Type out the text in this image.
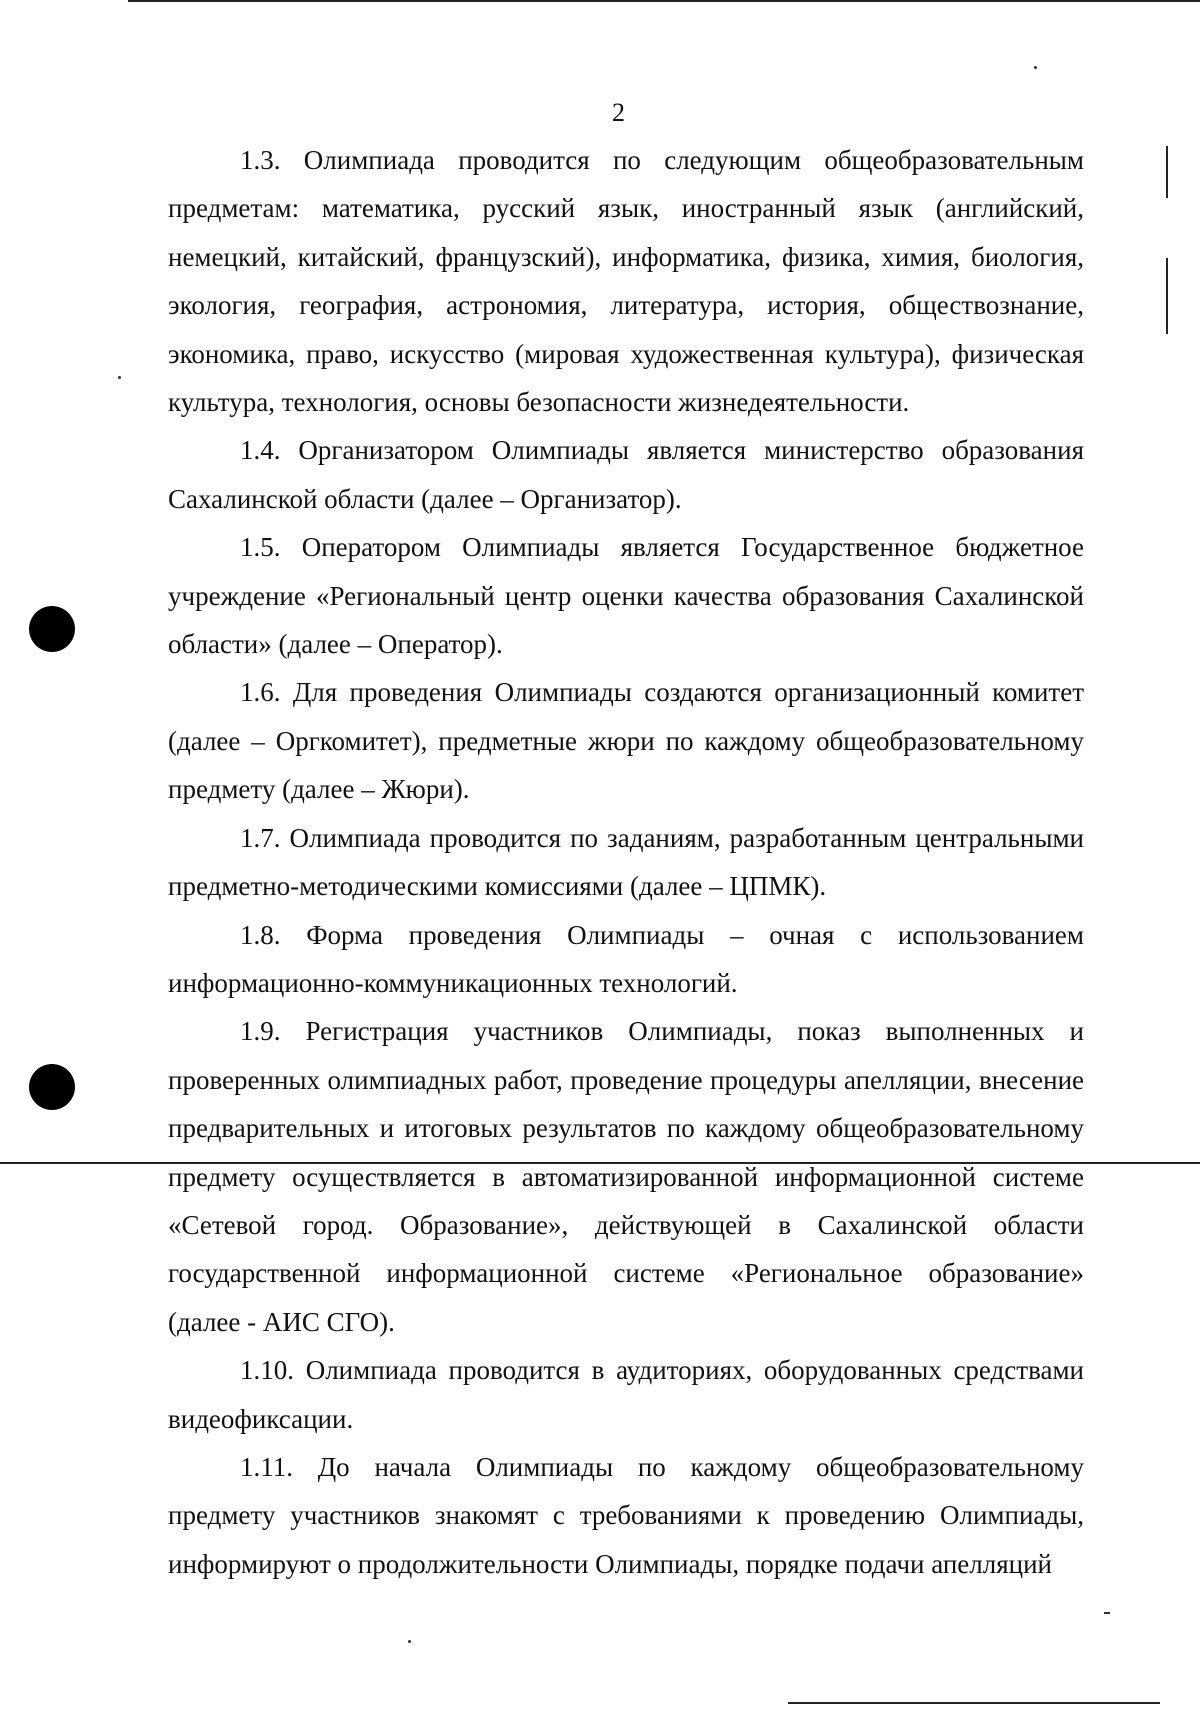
2

1.3. Олимпиада проводится по следующим общеобразовательным предметам: математика, русский язык, иностранный язык (английский, немецкий, китайский, французский), информатика, физика, химия, биология, экология, география, астрономия, литература, история, обществознание, экономика, право, искусство (мировая художественная культура), физическая культура, технология, основы безопасности жизнедеятельности.

1.4. Организатором Олимпиады является министерство образования Сахалинской области (далее – Организатор).

1.5. Оператором Олимпиады является Государственное бюджетное учреждение «Региональный центр оценки качества образования Сахалинской области» (далее – Оператор).

1.6. Для проведения Олимпиады создаются организационный комитет (далее – Оргкомитет), предметные жюри по каждому общеобразовательному предмету (далее – Жюри).

1.7. Олимпиада проводится по заданиям, разработанным центральными предметно-методическими комиссиями (далее – ЦПМК).

1.8. Форма проведения Олимпиады – очная с использованием информационно-коммуникационных технологий.

1.9. Регистрация участников Олимпиады, показ выполненных и проверенных олимпиадных работ, проведение процедуры апелляции, внесение предварительных и итоговых результатов по каждому общеобразовательному предмету осуществляется в автоматизированной информационной системе «Сетевой город. Образование», действующей в Сахалинской области государственной информационной системе «Региональное образование» (далее - АИС СГО).

1.10. Олимпиада проводится в аудиториях, оборудованных средствами видеофиксации.

1.11. До начала Олимпиады по каждому общеобразовательному предмету участников знакомят с требованиями к проведению Олимпиады, информируют о продолжительности Олимпиады, порядке подачи апелляций
